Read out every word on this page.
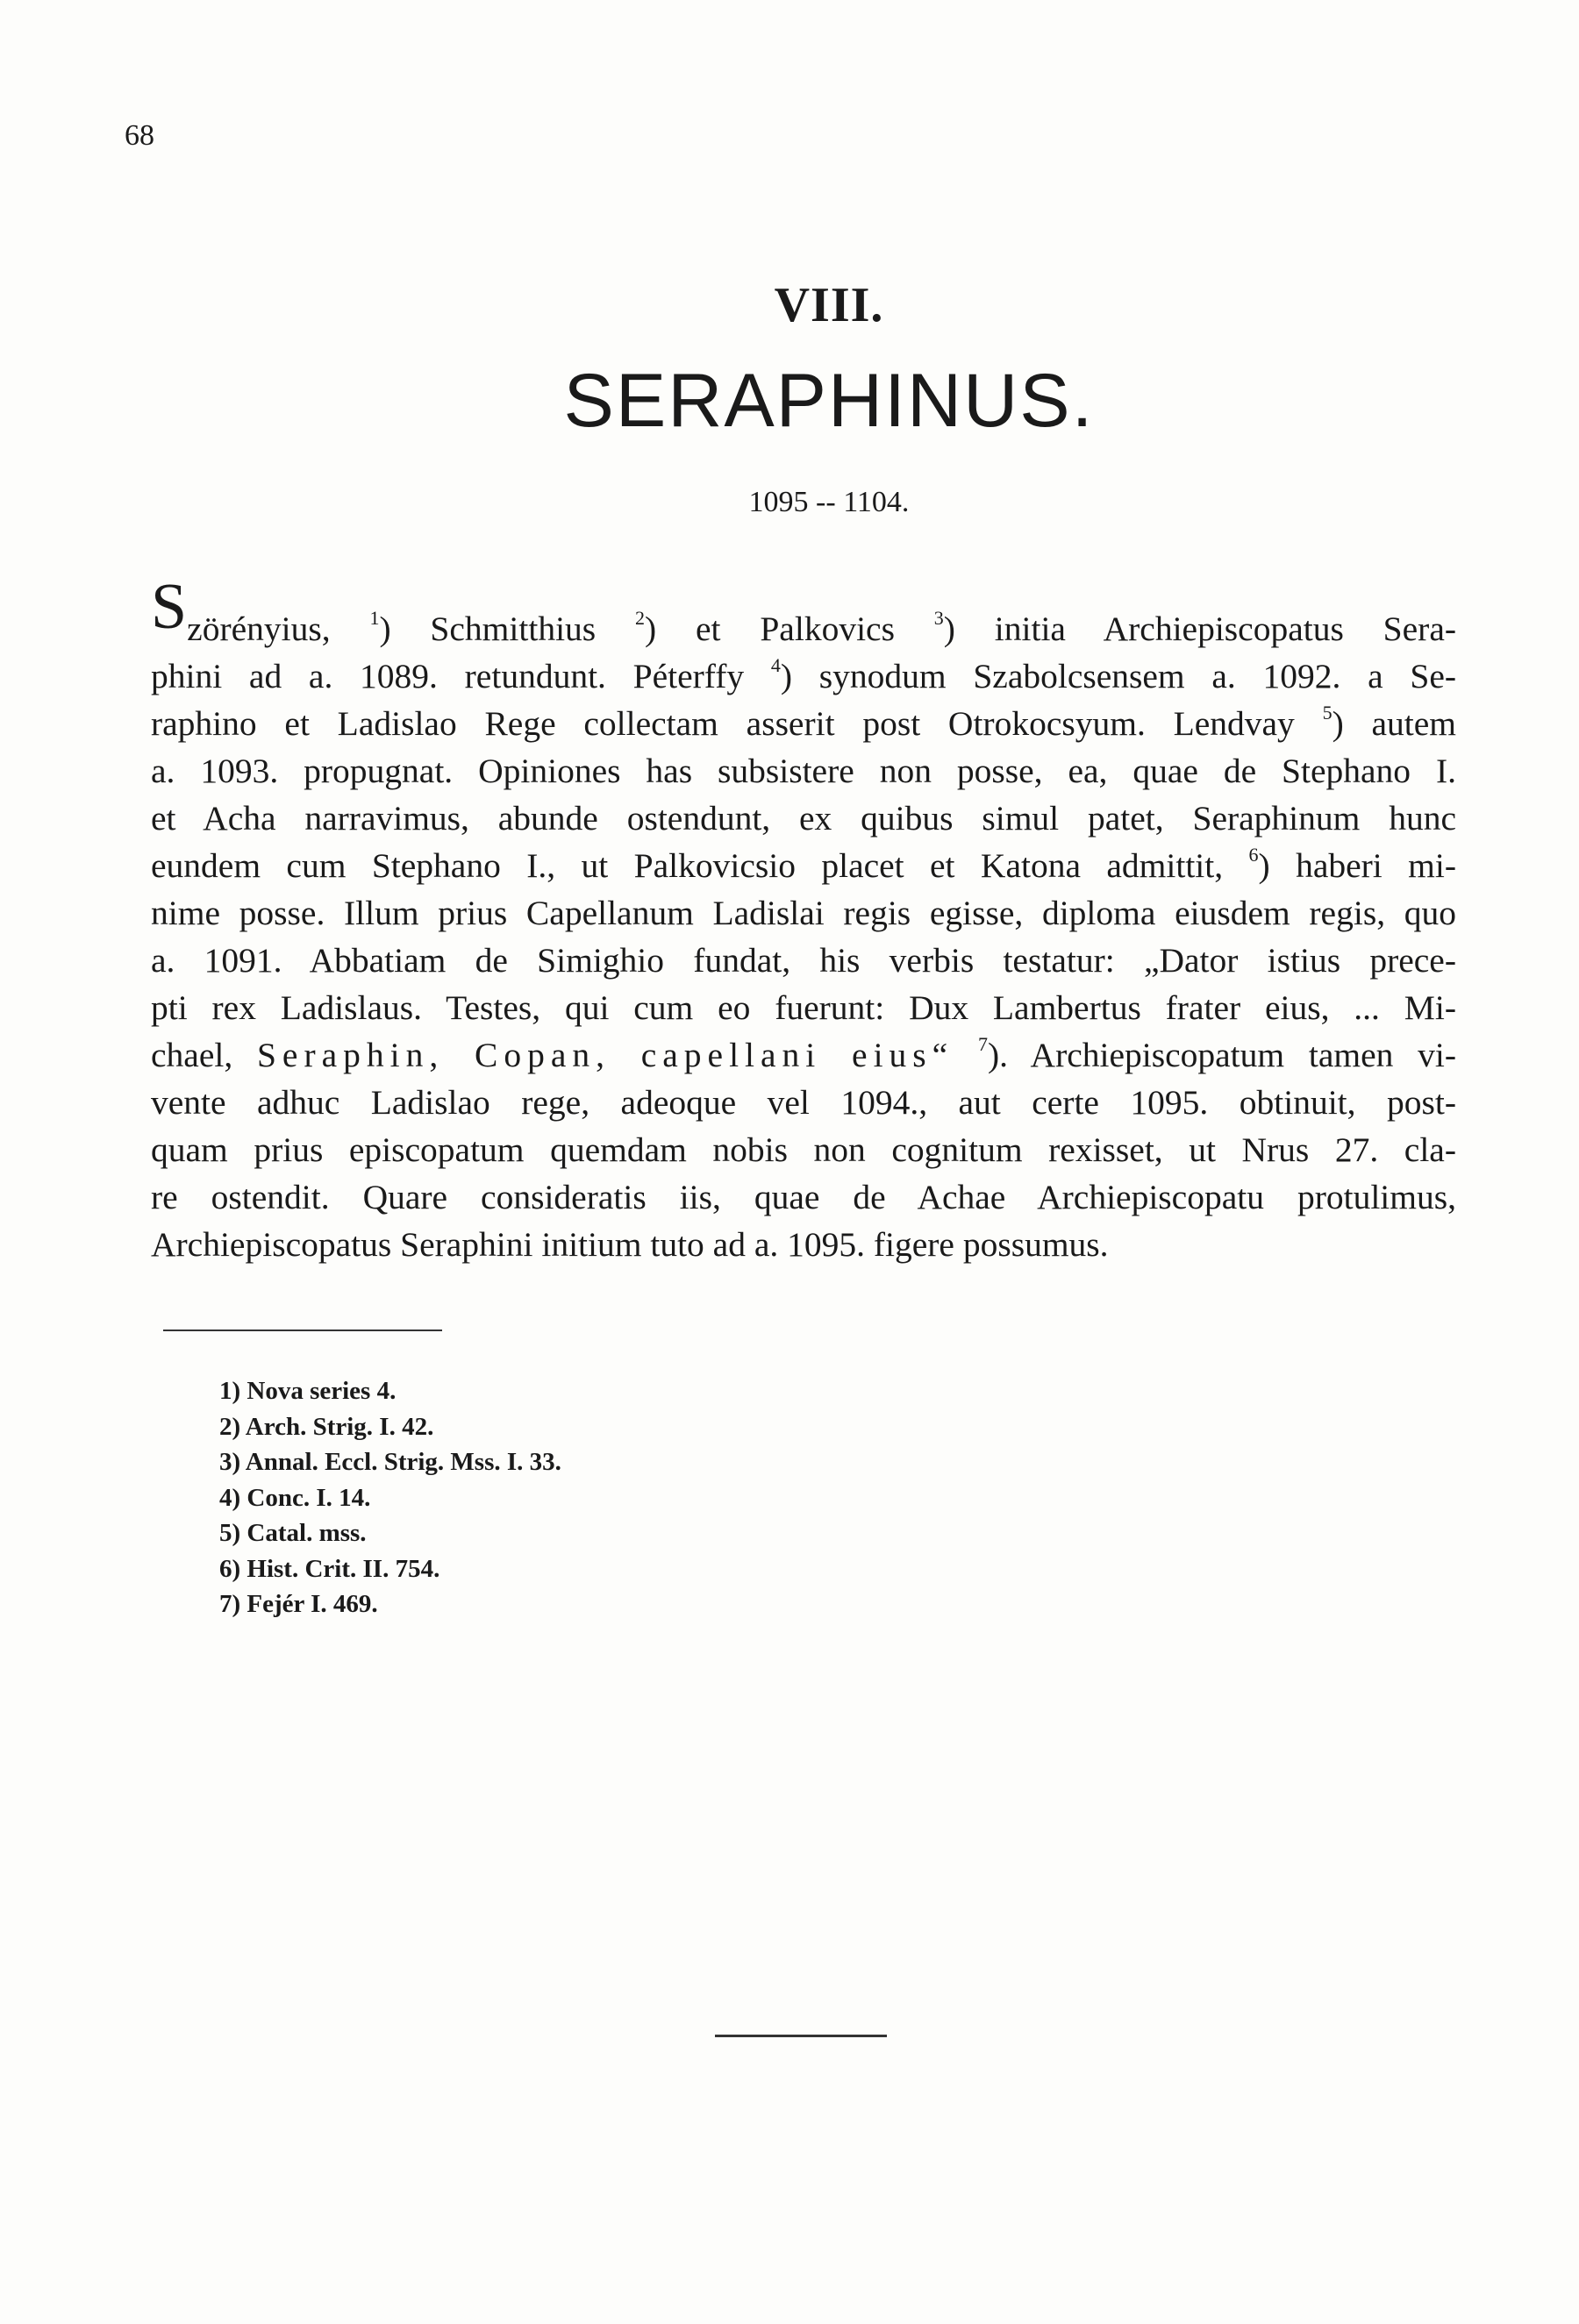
68
VIII.
SERAPHINUS.
1095 -- 1104.
Szörényius, $^1$) Schmitthius $^2$) et Palkovics $^3$) initia Archiepiscopatus Sera-
phini ad a. 1089. retundunt. Péterffy $^4$) synodum Szabolcsensem a. 1092. a Se-
raphino et Ladislao Rege collectam asserit post Otrokocsyum. Lendvay $^5$) autem
a. 1093. propugnat. Opiniones has subsistere non posse, ea, quae de Stephano I.
et Acha narravimus, abunde ostendunt, ex quibus simul patet, Seraphinum hunc
eundem cum Stephano I., ut Palkovicsio placet et Katona admittit, $^6$) haberi mi-
nime posse. Illum prius Capellanum Ladislai regis egisse, diploma eiusdem regis, quo
a. 1091. Abbatiam de Simighio fundat, his verbis testatur: „Dator istius prece-
pti rex Ladislaus. Testes, qui cum eo fuerunt: Dux Lambertus frater eius, ... Mi-
chael, Seraphin, Copan, capellani eius“ $^7$). Archiepiscopatum tamen vi-
vente adhuc Ladislao rege, adeoque vel 1094., aut certe 1095. obtinuit, post-
quam prius episcopatum quemdam nobis non cognitum rexisset, ut Nrus 27. cla-
re ostendit. Quare consideratis iis, quae de Achae Archiepiscopatu protulimus,
Archiepiscopatus Seraphini initium tuto ad a. 1095. figere possumus.
1) Nova series 4.
2) Arch. Strig. I. 42.
3) Annal. Eccl. Strig. Mss. I. 33.
4) Conc. I. 14.
5) Catal. mss.
6) Hist. Crit. II. 754.
7) Fejér I. 469.
